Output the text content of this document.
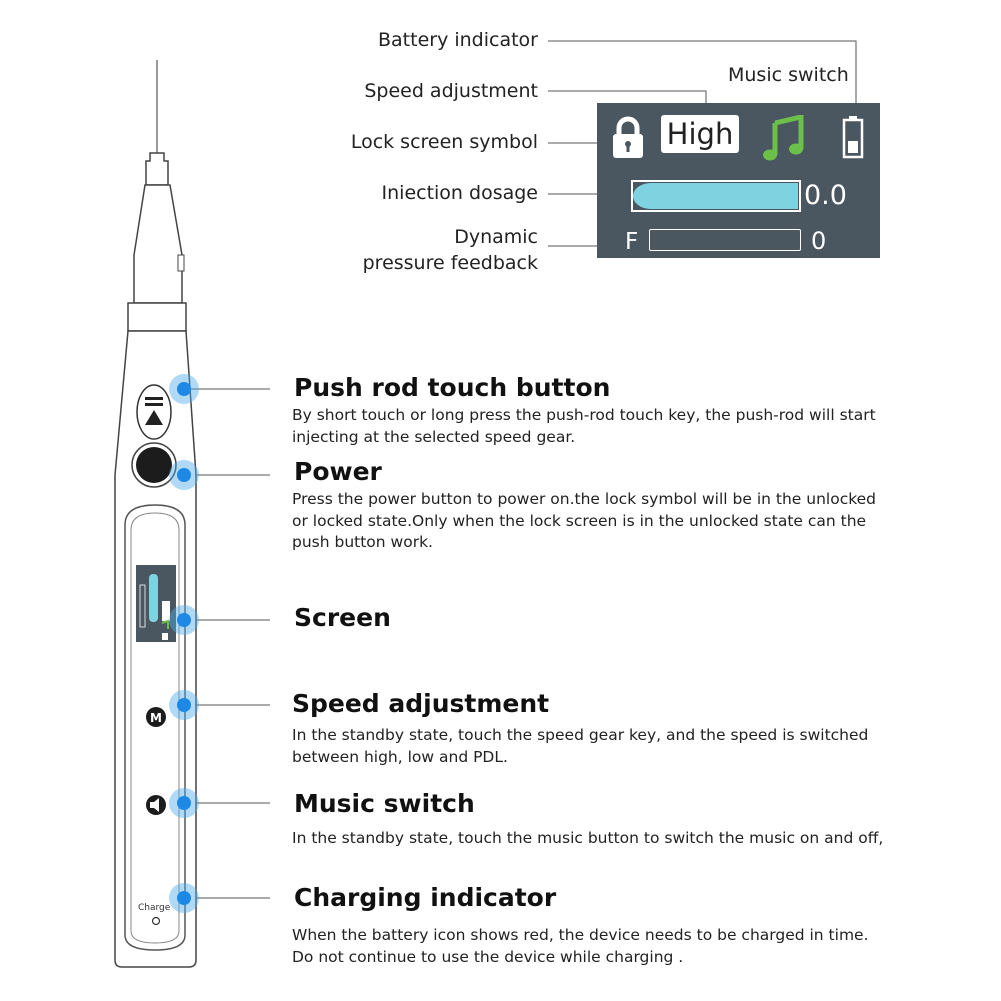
Battery indicator
Speed adjustment
Music switch
Lock screen symbol
Iniection dosage
Dynamic
pressure feedback
High
0.0
F	0
M
Charge
Push rod touch button
By short touch or long press the push-rod touch key, the push-rod will start injecting at the selected speed gear.
Power
Press the power button to power on.the lock symbol will be in the unlocked or locked state.Only when the lock screen is in the unlocked state can the push button work.
Screen
Speed adjustment
In the standby state, touch the speed gear key, and the speed is switched between high, low and PDL.
Music switch
In the standby state, touch the music button to switch the music on and off,
Charging indicator
When the battery icon shows red, the device needs to be charged in time. Do not continue to use the device while charging .
